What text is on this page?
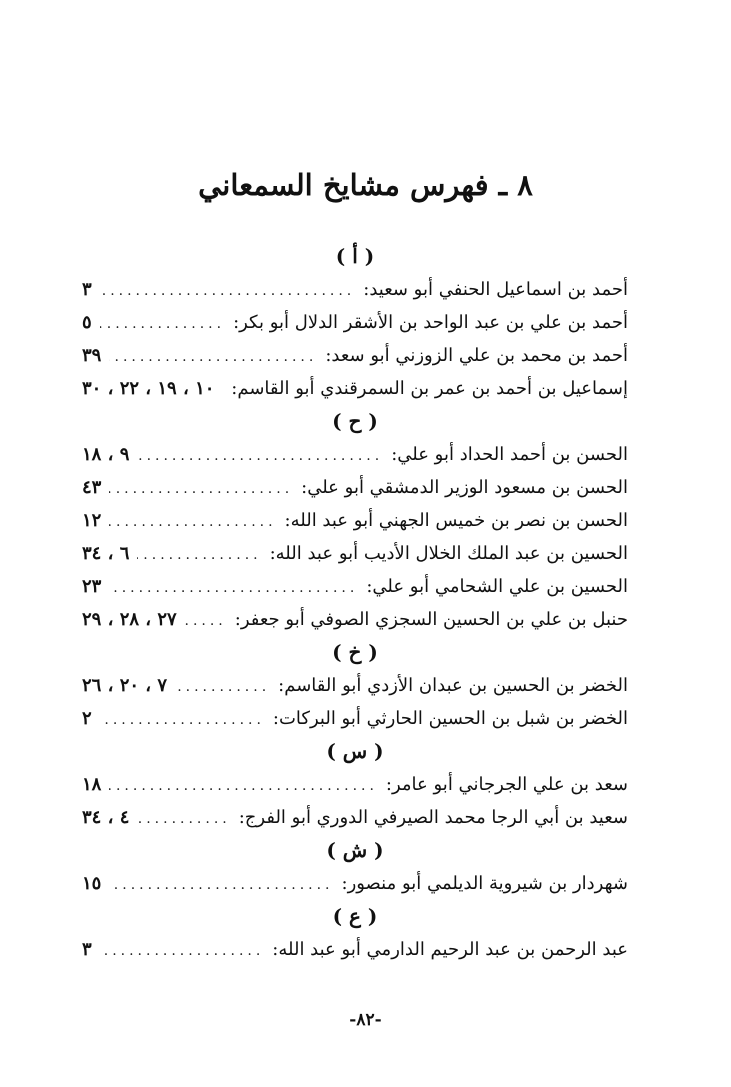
٨ ـ فهرس مشايخ السمعاني
( أ )
أحمد بن اسماعيل الحنفي أبو سعيد:
.....
٣
أحمد بن علي بن عبد الواحد بن الأشقر الدلال أبو بكر:
.....
٥
أحمد بن محمد بن علي الزوزني أبو سعد:
.....
٣٩
إسماعيل بن أحمد بن عمر بن السمرقندي أبو القاسم:
.....
١٠ ، ١٩ ، ٢٢ ، ٣٠
( ح )
الحسن بن أحمد الحداد أبو علي:
.....
٩ ، ١٨
الحسن بن مسعود الوزير الدمشقي أبو علي:
.....
٤٣
الحسن بن نصر بن خميس الجهني أبو عبد الله:
.....
١٢
الحسين بن عبد الملك الخلال الأديب أبو عبد الله:
.....
٦ ، ٣٤
الحسين بن علي الشحامي أبو علي:
.....
٢٣
حنبل بن علي بن الحسين السجزي الصوفي أبو جعفر:
.....
٢٧ ، ٢٨ ، ٢٩
( خ )
الخضر بن الحسين بن عبدان الأزدي أبو القاسم:
.....
٧ ، ٢٠ ، ٢٦
الخضر بن شبل بن الحسين الحارثي أبو البركات:
.....
٢
( س )
سعد بن علي الجرجاني أبو عامر:
.....
١٨
سعيد بن أبي الرجا محمد الصيرفي الدوري أبو الفرج:
.....
٤ ، ٣٤
( ش )
شهردار بن شيروية الديلمي أبو منصور:
.....
١٥
( ع )
عبد الرحمن بن عبد الرحيم الدارمي أبو عبد الله:
.....
٣
-٨٢-
